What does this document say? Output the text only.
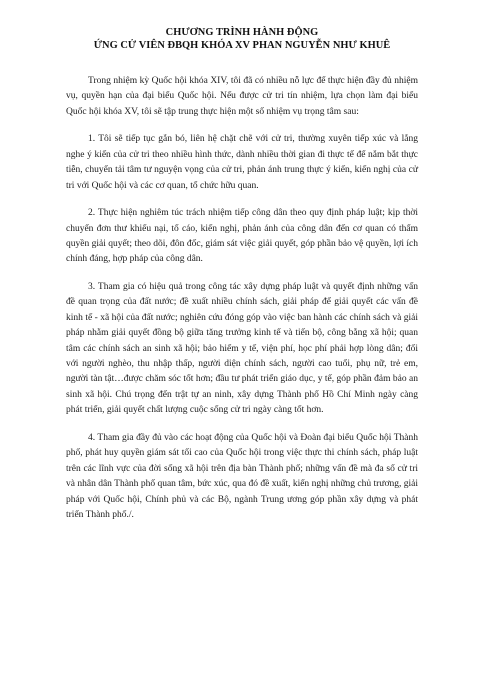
CHƯƠNG TRÌNH HÀNH ĐỘNG
ỨNG CỬ VIÊN ĐBQH KHÓA XV PHAN NGUYỄN NHƯ KHUÊ

Trong nhiệm kỳ Quốc hội khóa XIV, tôi đã có nhiều nỗ lực để thực hiện đầy đủ nhiệm vụ, quyền hạn của đại biểu Quốc hội. Nếu được cử tri tín nhiệm, lựa chọn làm đại biểu Quốc hội khóa XV, tôi sẽ tập trung thực hiện một số nhiệm vụ trọng tâm sau:

1. Tôi sẽ tiếp tục gắn bó, liên hệ chặt chẽ với cử tri, thường xuyên tiếp xúc và lắng nghe ý kiến của cử tri theo nhiều hình thức, dành nhiều thời gian đi thực tế để nắm bắt thực tiễn, chuyển tải tâm tư nguyện vọng của cử tri, phản ánh trung thực ý kiến, kiến nghị của cử tri với Quốc hội và các cơ quan, tổ chức hữu quan.

2. Thực hiện nghiêm túc trách nhiệm tiếp công dân theo quy định pháp luật; kịp thời chuyển đơn thư khiếu nại, tố cáo, kiến nghị, phản ánh của công dân đến cơ quan có thẩm quyền giải quyết; theo dõi, đôn đốc, giám sát việc giải quyết, góp phần bảo vệ quyền, lợi ích chính đáng, hợp pháp của công dân.

3. Tham gia có hiệu quả trong công tác xây dựng pháp luật và quyết định những vấn đề quan trọng của đất nước; đề xuất nhiều chính sách, giải pháp để giải quyết các vấn đề kinh tế - xã hội của đất nước; nghiên cứu đóng góp vào việc ban hành các chính sách và giải pháp nhằm giải quyết đồng bộ giữa tăng trưởng kinh tế và tiến bộ, công bằng xã hội; quan tâm các chính sách an sinh xã hội; bảo hiểm y tế, viện phí, học phí phải hợp lòng dân; đối với người nghèo, thu nhập thấp, người diện chính sách, người cao tuổi, phụ nữ, trẻ em, người tàn tật…được chăm sóc tốt hơn; đầu tư phát triển giáo dục, y tế, góp phần đảm bảo an sinh xã hội. Chú trọng đến trật tự an ninh, xây dựng Thành phố Hồ Chí Minh ngày càng phát triển, giải quyết chất lượng cuộc sống cử tri ngày càng tốt hơn.

4. Tham gia đầy đủ vào các hoạt động của Quốc hội và Đoàn đại biểu Quốc hội Thành phố, phát huy quyền giám sát tối cao của Quốc hội trong việc thực thi chính sách, pháp luật trên các lĩnh vực của đời sống xã hội trên địa bàn Thành phố; những vấn đề mà đa số cử tri và nhân dân Thành phố quan tâm, bức xúc, qua đó đề xuất, kiến nghị những chủ trương, giải pháp với Quốc hội, Chính phủ và các Bộ, ngành Trung ương góp phần xây dựng và phát triển Thành phố./.
